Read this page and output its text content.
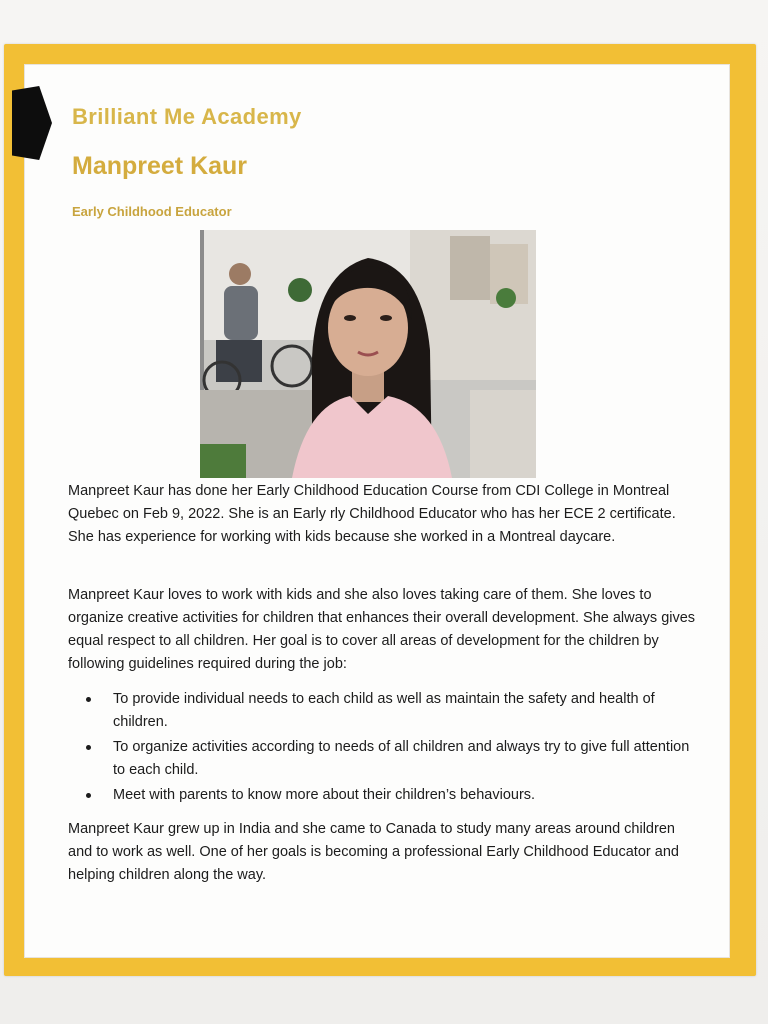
Brilliant Me Academy
Manpreet Kaur

Early Childhood Educator

Manpreet Kaur has done her Early Childhood Education Course from CDI College in Montreal Quebec on Feb 9, 2022. She is an Early rly Childhood Educator who has her ECE 2 certificate. She has experience for working with kids because she worked in a Montreal daycare.

Manpreet Kaur loves to work with kids and she also loves taking care of them. She loves to organize creative activities for children that enhances their overall development. She always gives equal respect to all children. Her goal is to cover all areas of development for the children by following guidelines required during the job:

To provide individual needs to each child as well as maintain the safety and health of children.
To organize activities according to needs of all children and always try to give full attention to each child.
Meet with parents to know more about their children’s behaviours.

Manpreet Kaur grew up in India and she came to Canada to study many areas around children and to work as well. One of her goals is becoming a professional Early Childhood Educator and helping children along the way.
